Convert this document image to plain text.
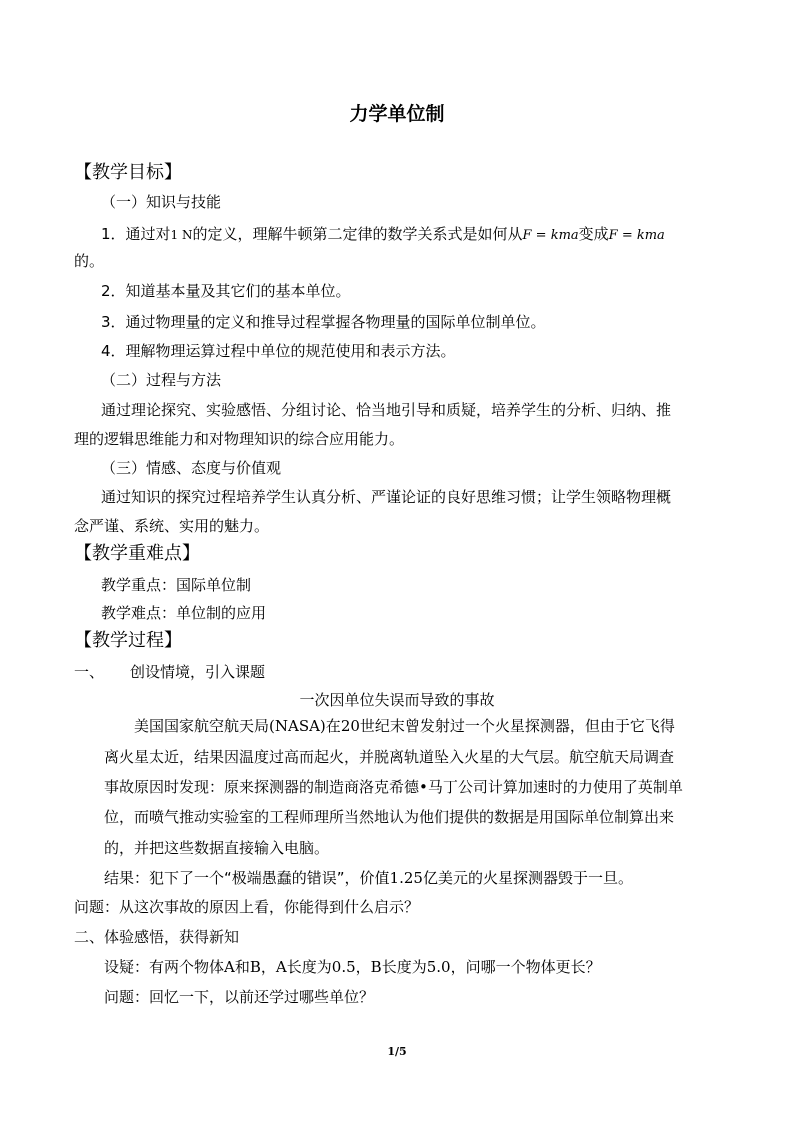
力学单位制
【教学目标】
（一）知识与技能
1．通过对1 N的定义，理解牛顿第二定律的数学关系式是如何从F = kma变成F = kma
的。
2．知道基本量及其它们的基本单位。
3．通过物理量的定义和推导过程掌握各物理量的国际单位制单位。
4．理解物理运算过程中单位的规范使用和表示方法。
（二）过程与方法
通过理论探究、实验感悟、分组讨论、恰当地引导和质疑，培养学生的分析、归纳、推
理的逻辑思维能力和对物理知识的综合应用能力。
（三）情感、态度与价值观
通过知识的探究过程培养学生认真分析、严谨论证的良好思维习惯；让学生领略物理概
念严谨、系统、实用的魅力。
【教学重难点】
教学重点：国际单位制
教学难点：单位制的应用
【教学过程】
一、 创设情境，引入课题
一次因单位失误而导致的事故
美国国家航空航天局(NASA)在20世纪末曾发射过一个火星探测器，但由于它飞得
离火星太近，结果因温度过高而起火，并脱离轨道坠入火星的大气层。航空航天局调查
事故原因时发现：原来探测器的制造商洛克希德•马丁公司计算加速时的力使用了英制单
位，而喷气推动实验室的工程师理所当然地认为他们提供的数据是用国际单位制算出来
的，并把这些数据直接输入电脑。
结果：犯下了一个“极端愚蠢的错误”，价值1.25亿美元的火星探测器毁于一旦。
问题：从这次事故的原因上看，你能得到什么启示？
二、体验感悟，获得新知
设疑：有两个物体A和B，A长度为0.5，B长度为5.0，问哪一个物体更长？
问题：回忆一下，以前还学过哪些单位？
1/5
